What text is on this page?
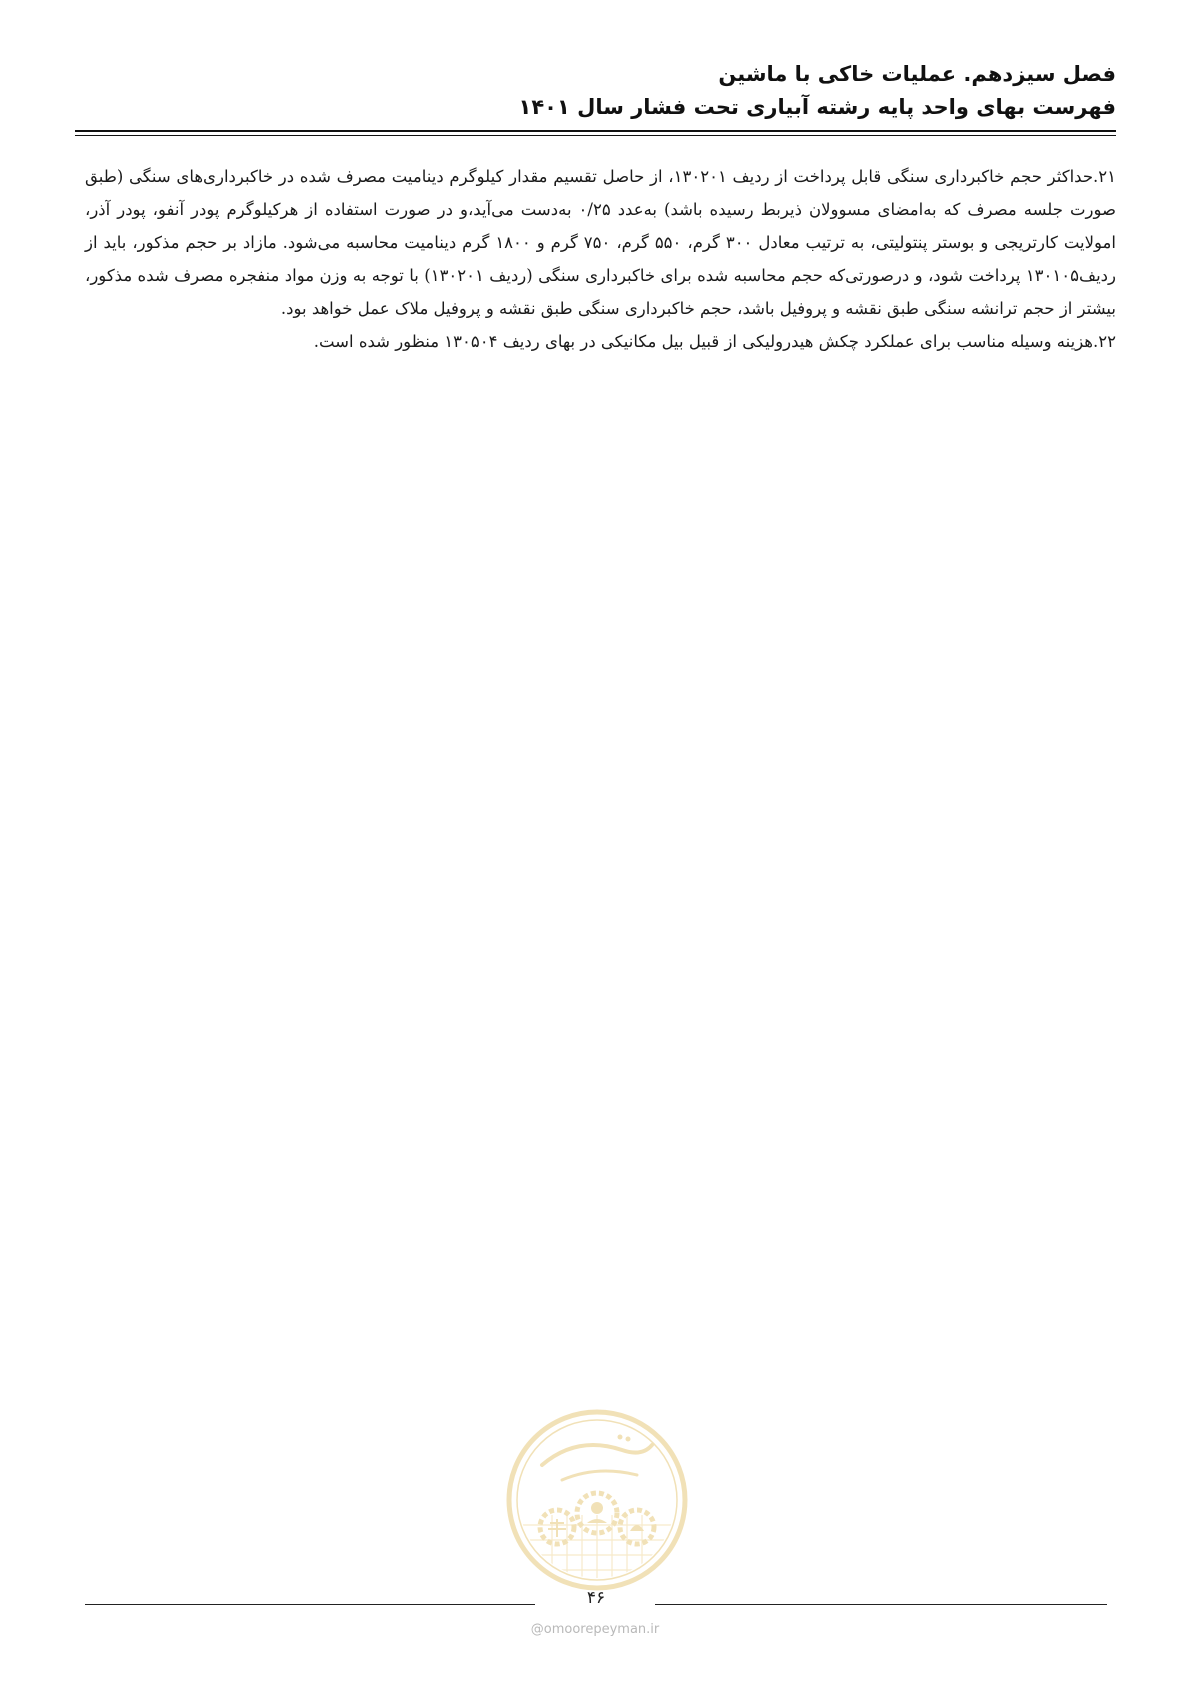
فصل سیزدهم. عملیات خاکی با ماشین
فهرست بهای واحد پایه رشته آبیاری تحت فشار سال ۱۴۰۱

۲۱.حداکثر حجم خاکبرداری سنگی قابل پرداخت از ردیف ۱۳۰۲۰۱، از حاصل تقسیم مقدار کیلوگرم دینامیت مصرف شده در خاکبرداری‌های سنگی (طبق صورت جلسه مصرف که به‌امضای مسوولان ذیربط رسیده باشد) به‌عدد ۰/۲۵ به‌دست می‌آید،و در صورت استفاده از هرکیلوگرم پودر آنفو، پودر آذر، امولایت کارتریجی و بوستر پنتولیتی، به ترتیب معادل ۳۰۰ گرم، ۵۵۰ گرم، ۷۵۰ گرم و ۱۸۰۰ گرم دینامیت محاسبه می‌شود. مازاد بر حجم مذکور، باید از ردیف۱۳۰۱۰۵ پرداخت شود، و درصورتی‌که حجم محاسبه شده برای خاکبرداری سنگی (ردیف ۱۳۰۲۰۱) با توجه به وزن مواد منفجره مصرف شده مذکور، بیشتر از حجم ترانشه سنگی طبق نقشه و پروفیل باشد، حجم خاکبرداری سنگی طبق نقشه و پروفیل ملاک عمل خواهد بود.

۲۲.هزینه وسیله مناسب برای عملکرد چکش هیدرولیکی از قبیل بیل مکانیکی در بهای ردیف ۱۳۰۵۰۴ منظور شده است.

۴۶
@omoorepeyman.ir
